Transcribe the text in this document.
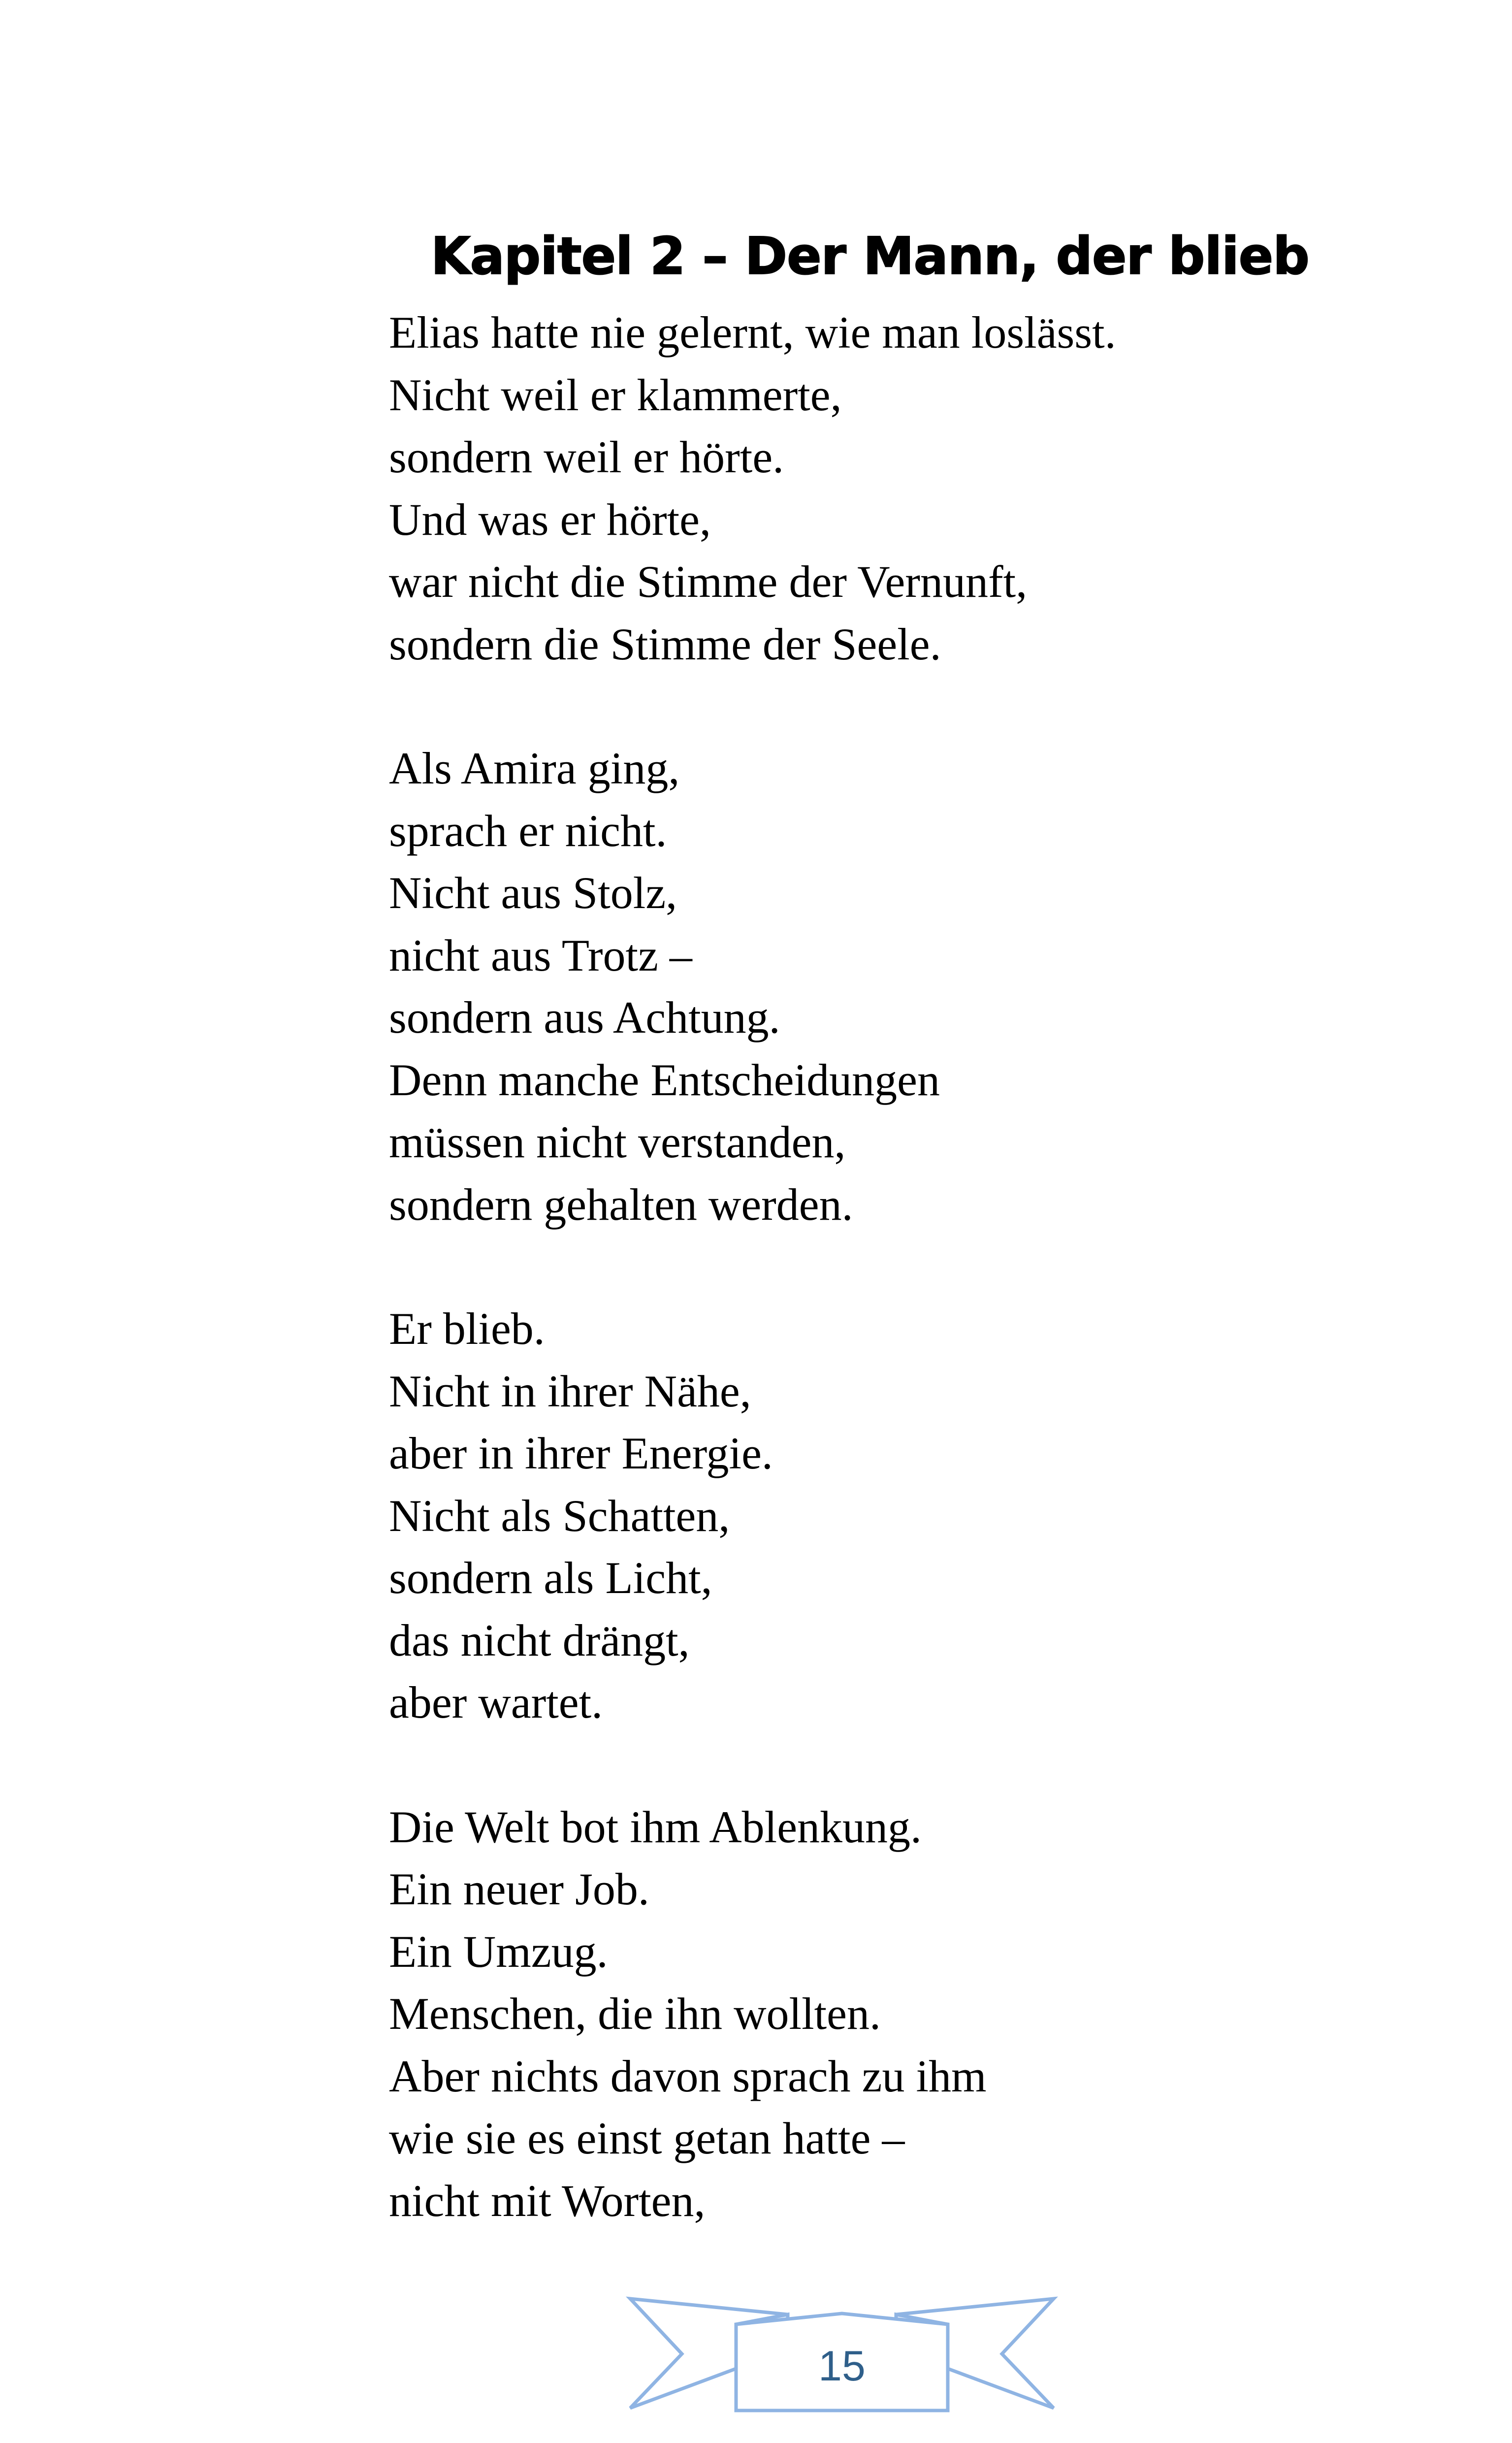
Kapitel 2 – Der Mann, der blieb
Elias hatte nie gelernt, wie man loslässt.
Nicht weil er klammerte,
sondern weil er hörte.
Und was er hörte,
war nicht die Stimme der Vernunft,
sondern die Stimme der Seele.
Als Amira ging,
sprach er nicht.
Nicht aus Stolz,
nicht aus Trotz –
sondern aus Achtung.
Denn manche Entscheidungen
müssen nicht verstanden,
sondern gehalten werden.
Er blieb.
Nicht in ihrer Nähe,
aber in ihrer Energie.
Nicht als Schatten,
sondern als Licht,
das nicht drängt,
aber wartet.
Die Welt bot ihm Ablenkung.
Ein neuer Job.
Ein Umzug.
Menschen, die ihn wollten.
Aber nichts davon sprach zu ihm
wie sie es einst getan hatte –
nicht mit Worten,
15
